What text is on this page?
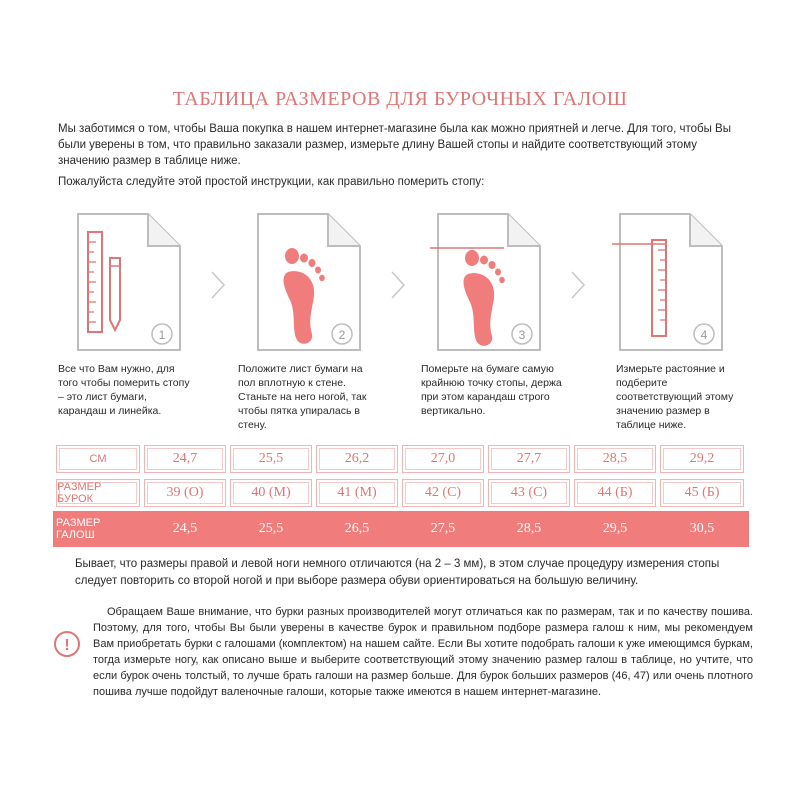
ТАБЛИЦА РАЗМЕРОВ ДЛЯ БУРОЧНЫХ ГАЛОШ
Мы заботимся о том, чтобы Ваша покупка в нашем интернет-магазине была как можно приятней и легче. Для того, чтобы Вы были уверены в том, что правильно заказали размер, измерьте длину Вашей стопы и найдите соответствующий этому значению размер в таблице ниже.
Пожалуйста следуйте этой простой инструкции, как правильно померить стопу:
1	2	3	4
Все что Вам нужно, для того чтобы померить стопу – это лист бумаги, карандаш и линейка.
Положите лист бумаги на пол вплотную к стене. Станьте на него ногой, так чтобы пятка упиралась в стену.
Померьте на бумаге самую крайнюю точку стопы, держа при этом карандаш строго вертикально.
Измерьте растояние и подберите соответствующий этому значению размер в таблице ниже.
СМ	24,7	25,5	26,2	27,0	27,7	28,5	29,2
РАЗМЕР БУРОК	39 (О)	40 (М)	41 (М)	42 (С)	43 (С)	44 (Б)	45 (Б)
РАЗМЕР ГАЛОШ	24,5	25,5	26,5	27,5	28,5	29,5	30,5
Бывает, что размеры правой и левой ноги немного отличаются (на 2 – 3 мм), в этом случае процедуру измерения стопы следует повторить со второй ногой и при выборе размера обуви ориентироваться на большую величину.
!
Обращаем Ваше внимание, что бурки разных производителей могут отличаться как по размерам, так и по качеству пошива. Поэтому, для того, чтобы Вы были уверены в качестве бурок и правильном подборе размера галош к ним, мы рекомендуем Вам приобретать бурки с галошами (комплектом) на нашем сайте. Если Вы хотите подобрать галоши к уже имеющимся буркам, тогда измерьте ногу, как описано выше и выберите соответствующий этому значению размер галош в таблице, но учтите, что если бурок очень толстый, то лучше брать галоши на размер больше. Для бурок больших размеров (46, 47) или очень плотного пошива лучше подойдут валеночные галоши, которые также имеются в нашем интернет-магазине.
